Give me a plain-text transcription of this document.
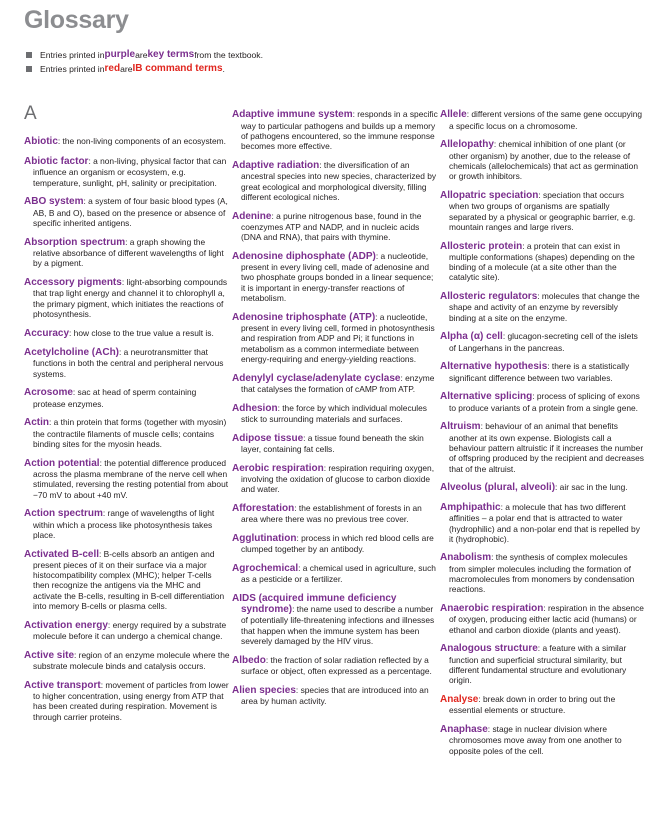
Glossary
Entries printed in purple are key terms from the textbook.
Entries printed in red are IB command terms .
A

Abiotic: the non-living components of an ecosystem.

Abiotic factor: a non-living, physical factor that can influence an organism or ecosystem, e.g. temperature, sunlight, pH, salinity or precipitation.

ABO system: a system of four basic blood types (A, AB, B and O), based on the presence or absence of specific inherited antigens.

Absorption spectrum: a graph showing the relative absorbance of different wavelengths of light by a pigment.

Accessory pigments: light-absorbing compounds that trap light energy and channel it to chlorophyll a, the primary pigment, which initiates the reactions of photosynthesis.

Accuracy: how close to the true value a result is.

Acetylcholine (ACh): a neurotransmitter that functions in both the central and peripheral nervous systems.

Acrosome: sac at head of sperm containing protease enzymes.

Actin: a thin protein that forms (together with myosin) the contractile filaments of muscle cells; contains binding sites for the myosin heads.

Action potential: the potential difference produced across the plasma membrane of the nerve cell when stimulated, reversing the resting potential from about −70 mV to about +40 mV.

Action spectrum: range of wavelengths of light within which a process like photosynthesis takes place.

Activated B-cell: B-cells absorb an antigen and present pieces of it on their surface via a major histocompatibility complex (MHC); helper T-cells then recognize the antigens via the MHC and activate the B-cells, resulting in B-cell differentiation into memory B-cells or plasma cells.

Activation energy: energy required by a substrate molecule before it can undergo a chemical change.

Active site: region of an enzyme molecule where the substrate molecule binds and catalysis occurs.

Active transport: movement of particles from lower to higher concentration, using energy from ATP that has been created during respiration. Movement is through carrier proteins.

Adaptive immune system: responds in a specific way to particular pathogens and builds up a memory of pathogens encountered, so the immune response becomes more effective.

Adaptive radiation: the diversification of an ancestral species into new species, characterized by great ecological and morphological diversity, filling different ecological niches.

Adenine: a purine nitrogenous base, found in the coenzymes ATP and NADP, and in nucleic acids (DNA and RNA), that pairs with thymine.

Adenosine diphosphate (ADP): a nucleotide, present in every living cell, made of adenosine and two phosphate groups bonded in a linear sequence; it is important in energy-transfer reactions of metabolism.

Adenosine triphosphate (ATP): a nucleotide, present in every living cell, formed in photosynthesis and respiration from ADP and Pi; it functions in metabolism as a common intermediate between energy-requiring and energy-yielding reactions.

Adenylyl cyclase/adenylate cyclase: enzyme that catalyses the formation of cAMP from ATP.

Adhesion: the force by which individual molecules stick to surrounding materials and surfaces.

Adipose tissue: a tissue found beneath the skin layer, containing fat cells.

Aerobic respiration: respiration requiring oxygen, involving the oxidation of glucose to carbon dioxide and water.

Afforestation: the establishment of forests in an area where there was no previous tree cover.

Agglutination: process in which red blood cells are clumped together by an antibody.

Agrochemical: a chemical used in agriculture, such as a pesticide or a fertilizer.

AIDS (acquired immune deficiency syndrome): the name used to describe a number of potentially life-threatening infections and illnesses that happen when the immune system has been severely damaged by the HIV virus.

Albedo: the fraction of solar radiation reflected by a surface or object, often expressed as a percentage.

Alien species: species that are introduced into an area by human activity.

Allele: different versions of the same gene occupying a specific locus on a chromosome.

Allelopathy: chemical inhibition of one plant (or other organism) by another, due to the release of chemicals (allelochemicals) that act as germination or growth inhibitors.

Allopatric speciation: speciation that occurs when two groups of organisms are spatially separated by a physical or geographic barrier, e.g. mountain ranges and large rivers.

Allosteric protein: a protein that can exist in multiple conformations (shapes) depending on the binding of a molecule (at a site other than the catalytic site).

Allosteric regulators: molecules that change the shape and activity of an enzyme by reversibly binding at a site on the enzyme.

Alpha (α) cell: glucagon-secreting cell of the islets of Langerhans in the pancreas.

Alternative hypothesis: there is a statistically significant difference between two variables.

Alternative splicing: process of splicing of exons to produce variants of a protein from a single gene.

Altruism: behaviour of an animal that benefits another at its own expense. Biologists call a behaviour pattern altruistic if it increases the number of offspring produced by the recipient and decreases that of the altruist.

Alveolus (plural, alveoli): air sac in the lung.

Amphipathic: a molecule that has two different affinities – a polar end that is attracted to water (hydrophilic) and a non-polar end that is repelled by it (hydrophobic).

Anabolism: the synthesis of complex molecules from simpler molecules including the formation of macromolecules from monomers by condensation reactions.

Anaerobic respiration: respiration in the absence of oxygen, producing either lactic acid (humans) or ethanol and carbon dioxide (plants and yeast).

Analogous structure: a feature with a similar function and superficial structural similarity, but different fundamental structure and evolutionary origin.

Analyse: break down in order to bring out the essential elements or structure.

Anaphase: stage in nuclear division where chromosomes move away from one another to opposite poles of the cell.
